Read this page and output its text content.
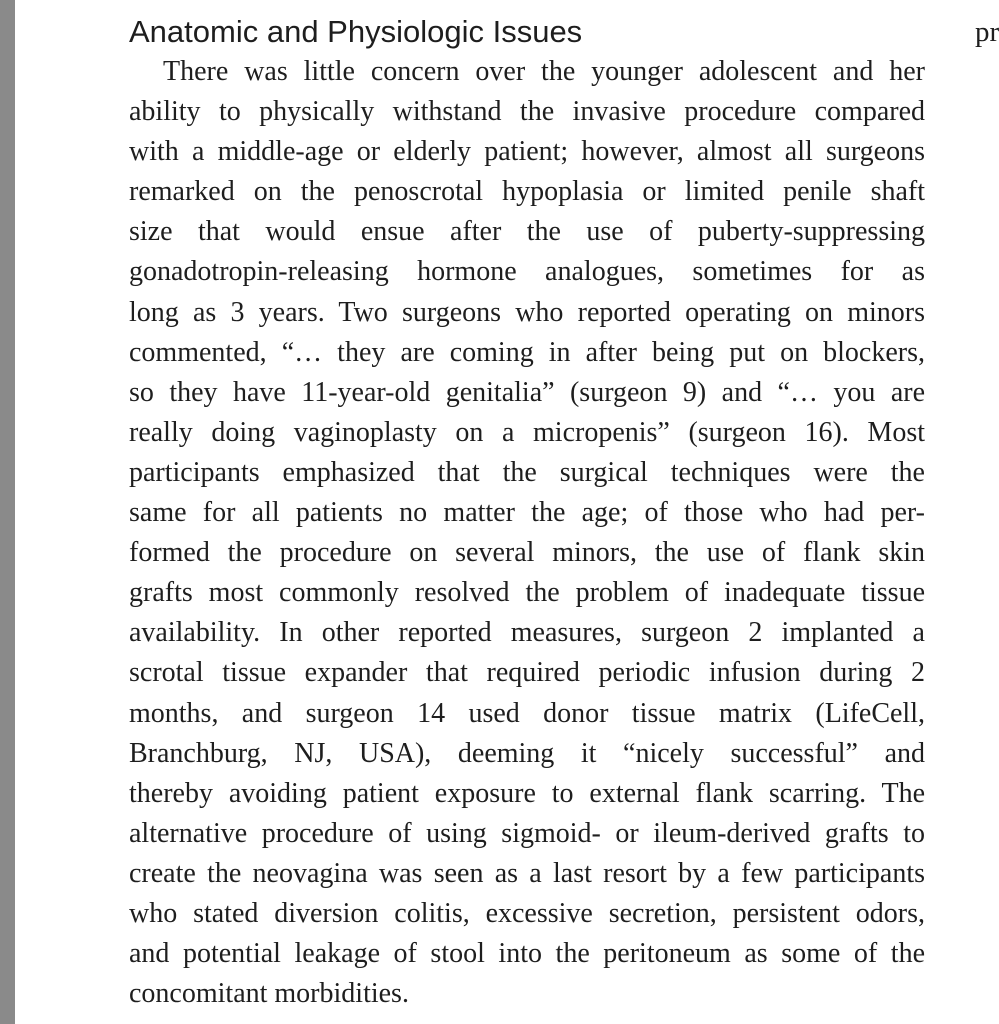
Anatomic and Physiologic Issues	pr

There was little concern over the younger adolescent and her
ability to physically withstand the invasive procedure compared
with a middle-age or elderly patient; however, almost all surgeons
remarked on the penoscrotal hypoplasia or limited penile shaft
size that would ensue after the use of puberty-suppressing
gonadotropin-releasing hormone analogues, sometimes for as
long as 3 years. Two surgeons who reported operating on minors
commented, “… they are coming in after being put on blockers,
so they have 11-year-old genitalia” (surgeon 9) and “… you are
really doing vaginoplasty on a micropenis” (surgeon 16). Most
participants emphasized that the surgical techniques were the
same for all patients no matter the age; of those who had per-
formed the procedure on several minors, the use of flank skin
grafts most commonly resolved the problem of inadequate tissue
availability. In other reported measures, surgeon 2 implanted a
scrotal tissue expander that required periodic infusion during 2
months, and surgeon 14 used donor tissue matrix (LifeCell,
Branchburg, NJ, USA), deeming it “nicely successful” and
thereby avoiding patient exposure to external flank scarring. The
alternative procedure of using sigmoid- or ileum-derived grafts to
create the neovagina was seen as a last resort by a few participants
who stated diversion colitis, excessive secretion, persistent odors,
and potential leakage of stool into the peritoneum as some of the
concomitant morbidities.
